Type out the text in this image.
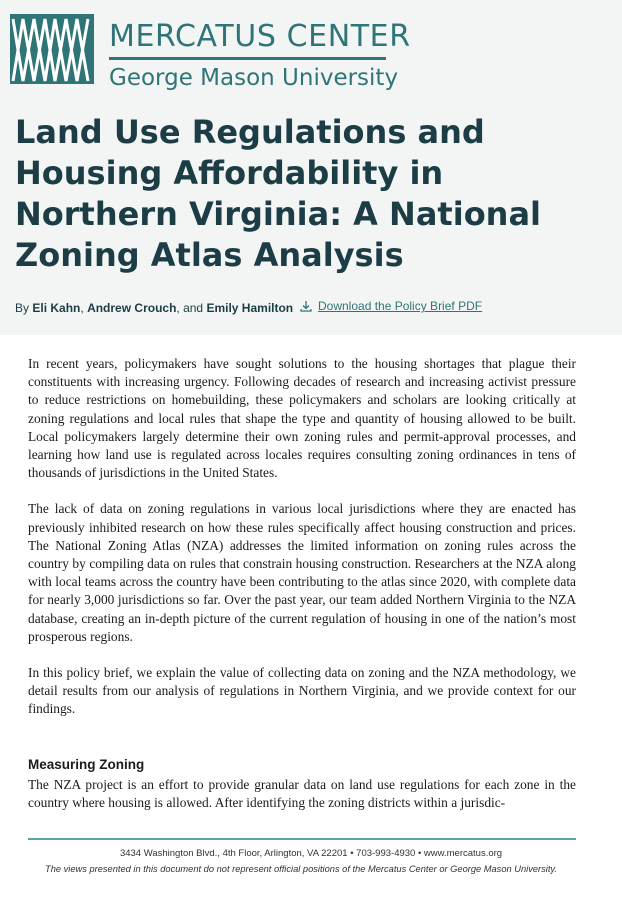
MERCATUS CENTER
George Mason University
Land Use Regulations and Housing Affordability in Northern Virginia: A National Zoning Atlas Analysis
By Eli Kahn, Andrew Crouch, and Emily Hamilton Download the Policy Brief PDF

In recent years, policymakers have sought solutions to the housing shortages that plague their constituents with increasing urgency. Following decades of research and increasing activist pressure to reduce restrictions on homebuilding, these policymakers and scholars are looking critically at zoning regulations and local rules that shape the type and quantity of housing allowed to be built. Local policymakers largely determine their own zoning rules and permit-approval processes, and learning how land use is regulated across locales requires consulting zoning ordinances in tens of thousands of jurisdictions in the United States.

The lack of data on zoning regulations in various local jurisdictions where they are enacted has previously inhibited research on how these rules specifically affect housing construction and prices. The National Zoning Atlas (NZA) addresses the limited information on zoning rules across the country by compiling data on rules that constrain housing construction. Researchers at the NZA along with local teams across the country have been contributing to the atlas since 2020, with complete data for nearly 3,000 jurisdictions so far. Over the past year, our team added Northern Virginia to the NZA database, creating an in-depth picture of the current regulation of housing in one of the nation’s most prosperous regions.

In this policy brief, we explain the value of collecting data on zoning and the NZA methodology, we detail results from our analysis of regulations in Northern Virginia, and we provide context for our findings.

Measuring Zoning
The NZA project is an effort to provide granular data on land use regulations for each zone in the country where housing is allowed. After identifying the zoning districts within a jurisdic-
3434 Washington Blvd., 4th Floor, Arlington, VA 22201 • 703-993-4930 • www.mercatus.org
The views presented in this document do not represent official positions of the Mercatus Center or George Mason University.
